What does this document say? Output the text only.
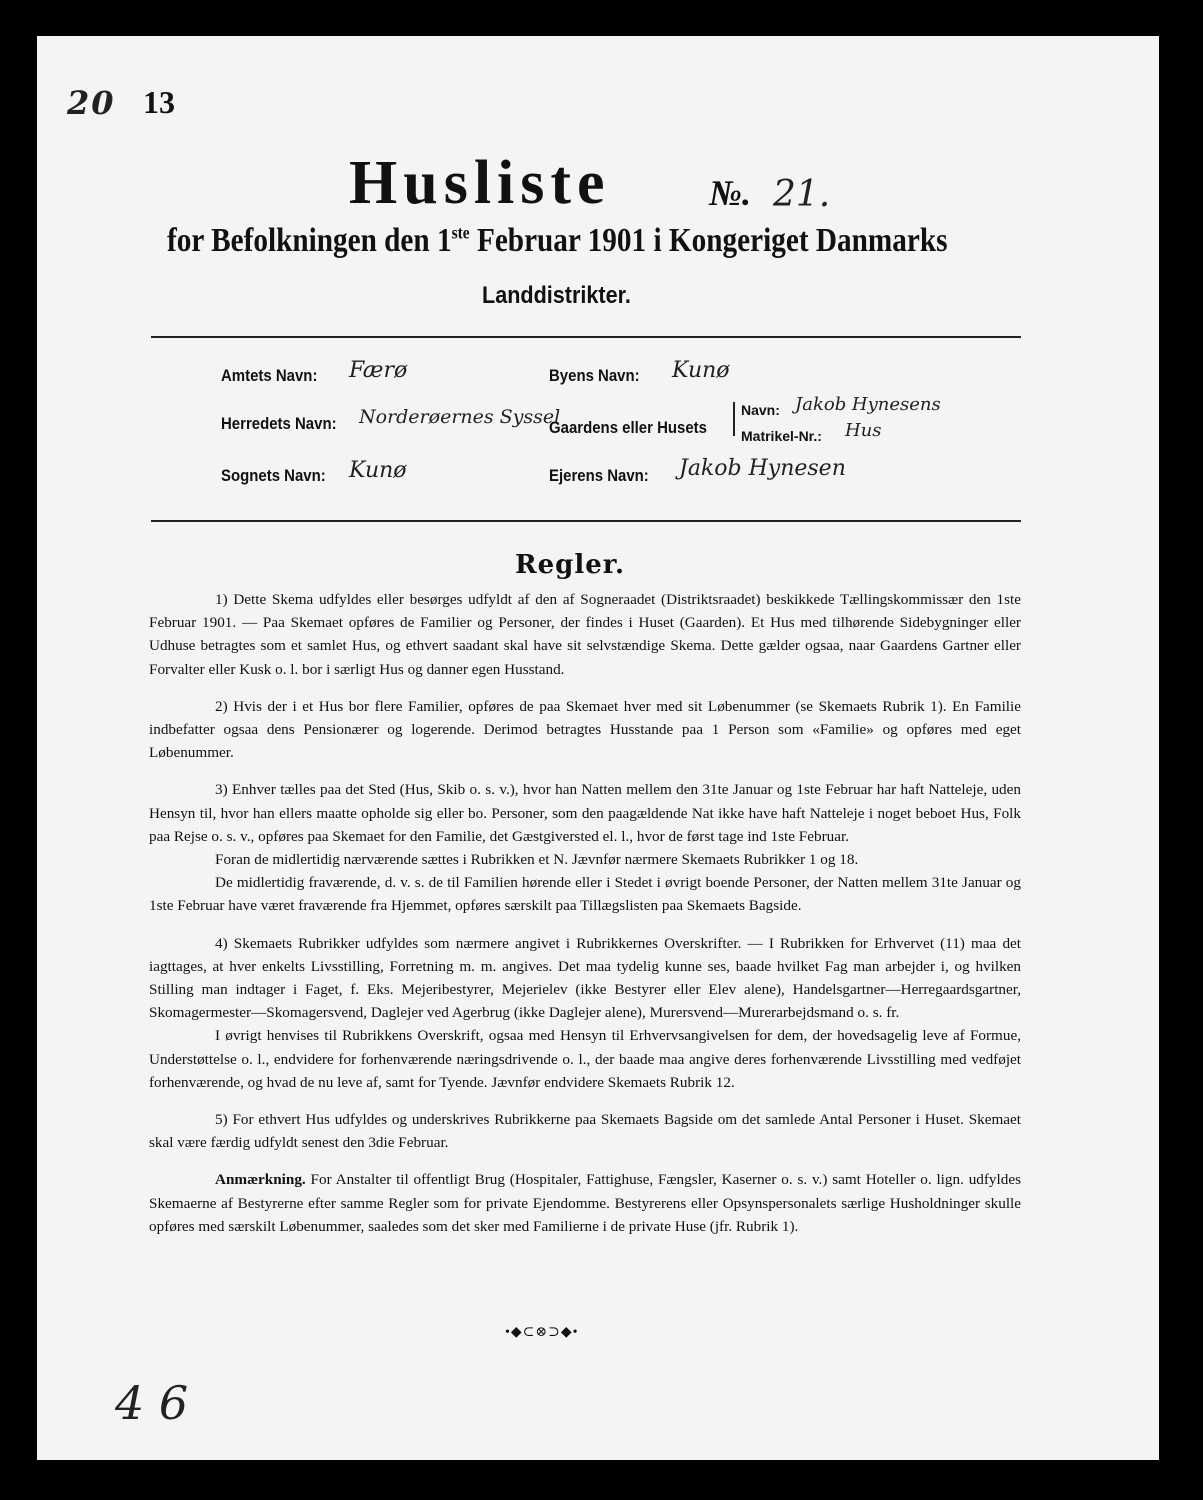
20 13
Husliste	№. 21.
for Befolkningen den 1ste Februar 1901 i Kongeriget Danmarks
Landdistrikter.
Amtets Navn: Færø
Herredets Navn: Norderøernes Syssel
Sognets Navn: Kunø
Byens Navn: Kunø
Gaardens eller Husets
Navn: Jakob Hynesens
Matrikel-Nr.: Hus
Ejerens Navn: Jakob Hynesen
Regler.

1) Dette Skema udfyldes eller besørges udfyldt af den af Sogneraadet (Distriktsraadet) beskikkede Tællingskommissær den 1ste Februar 1901. — Paa Skemaet opføres de Familier og Personer, der findes i Huset (Gaarden). Et Hus med tilhørende Sidebygninger eller Udhuse betragtes som et samlet Hus, og ethvert saadant skal have sit selvstændige Skema. Dette gælder ogsaa, naar Gaardens Gartner eller Forvalter eller Kusk o. l. bor i særligt Hus og danner egen Husstand.

2) Hvis der i et Hus bor flere Familier, opføres de paa Skemaet hver med sit Løbenummer (se Skemaets Rubrik 1). En Familie indbefatter ogsaa dens Pensionærer og logerende. Derimod betragtes Husstande paa 1 Person som «Familie» og opføres med eget Løbenummer.

3) Enhver tælles paa det Sted (Hus, Skib o. s. v.), hvor han Natten mellem den 31te Januar og 1ste Februar har haft Natteleje, uden Hensyn til, hvor han ellers maatte opholde sig eller bo. Personer, som den paagældende Nat ikke have haft Natteleje i noget beboet Hus, Folk paa Rejse o. s. v., opføres paa Skemaet for den Familie, det Gæstgiversted el. l., hvor de først tage ind 1ste Februar.

Foran de midlertidig nærværende sættes i Rubrikken et N. Jævnfør nærmere Skemaets Rubrikker 1 og 18.

De midlertidig fraværende, d. v. s. de til Familien hørende eller i Stedet i øvrigt boende Personer, der Natten mellem 31te Januar og 1ste Februar have været fraværende fra Hjemmet, opføres særskilt paa Tillægslisten paa Skemaets Bagside.

4) Skemaets Rubrikker udfyldes som nærmere angivet i Rubrikkernes Overskrifter. — I Rubrikken for Erhvervet (11) maa det iagttages, at hver enkelts Livsstilling, Forretning m. m. angives. Det maa tydelig kunne ses, baade hvilket Fag man arbejder i, og hvilken Stilling man indtager i Faget, f. Eks. Mejeribestyrer, Mejerielev (ikke Bestyrer eller Elev alene), Handelsgartner—Herregaardsgartner, Skomagermester—Skomagersvend, Daglejer ved Agerbrug (ikke Daglejer alene), Murersvend—Murerarbejdsmand o. s. fr.

I øvrigt henvises til Rubrikkens Overskrift, ogsaa med Hensyn til Erhvervsangivelsen for dem, der hovedsagelig leve af Formue, Understøttelse o. l., endvidere for forhenværende næringsdrivende o. l., der baade maa angive deres forhenværende Livsstilling med vedføjet forhenværende, og hvad de nu leve af, samt for Tyende. Jævnfør endvidere Skemaets Rubrik 12.

5) For ethvert Hus udfyldes og underskrives Rubrikkerne paa Skemaets Bagside om det samlede Antal Personer i Huset. Skemaet skal være færdig udfyldt senest den 3die Februar.

Anmærkning. For Anstalter til offentligt Brug (Hospitaler, Fattighuse, Fængsler, Kaserner o. s. v.) samt Hoteller o. lign. udfyldes Skemaerne af Bestyrerne efter samme Regler som for private Ejendomme. Bestyrerens eller Opsynspersonalets særlige Husholdninger skulle opføres med særskilt Løbenummer, saaledes som det sker med Familierne i de private Huse (jfr. Rubrik 1).

•◆⊂⊗⊃◆•
4 6
